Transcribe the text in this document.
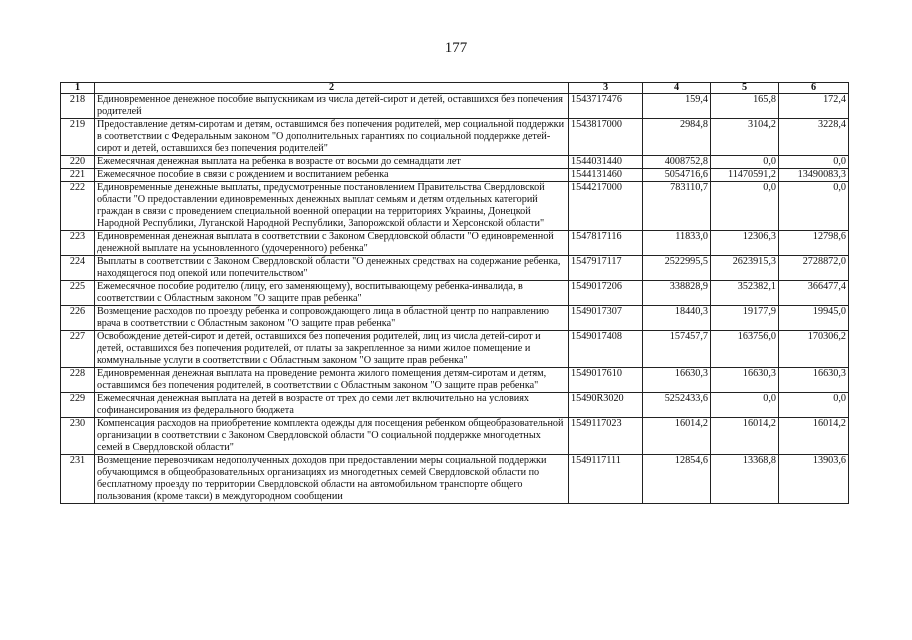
177
1	2	3	4	5	6
218	Единовременное денежное пособие выпускникам из числа детей-сирот и детей, оставшихся без попечения родителей	1543717476	159,4	165,8	172,4
219	Предоставление детям-сиротам и детям, оставшимся без попечения родителей, мер социальной поддержки в соответствии с Федеральным законом "О дополнительных гарантиях по социальной поддержке детей-сирот и детей, оставшихся без попечения родителей"	1543817000	2984,8	3104,2	3228,4
220	Ежемесячная денежная выплата на ребенка в возрасте от восьми до семнадцати лет	1544031440	4008752,8	0,0	0,0
221	Ежемесячное пособие в связи с рождением и воспитанием ребенка	1544131460	5054716,6	11470591,2	13490083,3
222	Единовременные денежные выплаты, предусмотренные постановлением Правительства Свердловской области "О предоставлении единовременных денежных выплат семьям и детям отдельных категорий граждан в связи с проведением специальной военной операции на территориях Украины, Донецкой Народной Республики, Луганской Народной Республики, Запорожской области и Херсонской области"	1544217000	783110,7	0,0	0,0
223	Единовременная денежная выплата в соответствии с Законом Свердловской области "О единовременной денежной выплате на усыновленного (удочеренного) ребенка"	1547817116	11833,0	12306,3	12798,6
224	Выплаты в соответствии с Законом Свердловской области "О денежных средствах на содержание ребенка, находящегося под опекой или попечительством"	1547917117	2522995,5	2623915,3	2728872,0
225	Ежемесячное пособие родителю (лицу, его заменяющему), воспитывающему ребенка-инвалида, в соответствии с Областным законом "О защите прав ребенка"	1549017206	338828,9	352382,1	366477,4
226	Возмещение расходов по проезду ребенка и сопровождающего лица в областной центр по направлению врача в соответствии с Областным законом "О защите прав ребенка"	1549017307	18440,3	19177,9	19945,0
227	Освобождение детей-сирот и детей, оставшихся без попечения родителей, лиц из числа детей-сирот и детей, оставшихся без попечения родителей, от платы за закрепленное за ними жилое помещение и коммунальные услуги в соответствии с Областным законом "О защите прав ребенка"	1549017408	157457,7	163756,0	170306,2
228	Единовременная денежная выплата на проведение ремонта жилого помещения детям-сиротам и детям, оставшимся без попечения родителей, в соответствии с Областным законом "О защите прав ребенка"	1549017610	16630,3	16630,3	16630,3
229	Ежемесячная денежная выплата на детей в возрасте от трех до семи лет включительно на условиях софинансирования из федерального бюджета	15490R3020	5252433,6	0,0	0,0
230	Компенсация расходов на приобретение комплекта одежды для посещения ребенком общеобразовательной организации в соответствии с Законом Свердловской области "О социальной поддержке многодетных семей в Свердловской области"	1549117023	16014,2	16014,2	16014,2
231	Возмещение перевозчикам недополученных доходов при предоставлении меры социальной поддержки обучающимся в общеобразовательных организациях из многодетных семей Свердловской области по бесплатному проезду по территории Свердловской области на автомобильном транспорте общего пользования (кроме такси) в междугородном сообщении	1549117111	12854,6	13368,8	13903,6
